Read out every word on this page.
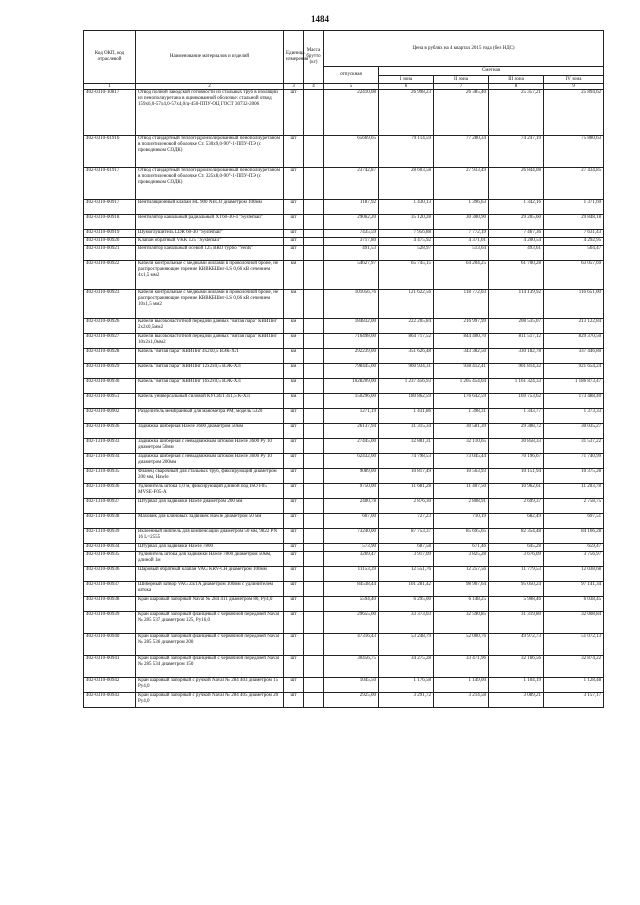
1484
Код ОКП, код отраслевой	Наименование материалов и изделий	Единица измерения	Масса брутто (кг)	Цена в рублях на 4 квартал 2015 года (без НДС)				
				отпускная	Сметная			
					I зона	II зона	III зона	IV зона
1	2	3	4	5	6	7	8	9
402-0310-10817	Отвод полной заводской готовности из стальных труб в изоляции из пенополиуретана в оцинкованной оболочке: стальной отвод 159х6,0-57х4,0-57х4,0/ц-450-ППУ-ОЦ ГОСТ 30732-2006	шт		22410,08	26 998,23	26 385,40	25 357,21	25 894,62
402-0310-01916	Отвод стандартный теплогидроизолированный пенополиуретаном в полиэтиленовой оболочке Ст. 530х9,0-90°-1-ППУ-ПЭ (с проводником СОДК)	шт		65669,65	79 114,59	77 280,34	74 247,19	75 880,63
402-0310-01917	Отвод стандартный теплогидроизолированный пенополиуретаном в полиэтиленовой оболочке Ст. 325х8,0-90°-1-ППУ-ПЭ (с проводником СОДК)	шт		23742,87	28 603,58	27 933,49	26 844,08	27 434,85
402-0310-00917	Вентиляционный клапан HL 900 NECO диаметром 100мм	шт		1187,92	1 430,13	1 396,63	1 342,16	1 371,69
402-0310-00918	Вентилятор канальный радиальный ХТ60-30-4 "Systemair"	шт		29062,20	35 120,28	30 300,90	29 205,60	29 848,18
402-0310-00919	Шумоглушитель LDR 60-30 "Systemair"	шт		7435,59	7 956,88	7 772,19	7 467,36	7 631,43
402-0310-00920	Клапан обратный VKK 125 "Systemair"	шт		3717,80	4 475,92	4 371,01	4 200,54	4 292,95
402-0310-00921	Вентилятор канальный осевой 125 ВКО турбо "Vents"	шт		491,53	528,97	513,64	493,61	504,47
402-0310-00922	Кабели контрольные с медными жилами в проволочной броне, не распространяющие горение КВВКБШнг-LS 0,66 кВ сечением 4х1,5 мм2	км		54627,97	65 745,15	64 204,25	61 700,28	63 057,69
402-0310-00923	Кабели контрольные с медными жилами в проволочной броне, не распространяющие горение КВВКБШнг-LS 0,66 кВ сечением 10х1,5 мм2	км		101056,76	121 622,56	118 772,03	114 139,92	116 651,00
402-0310-00926	Кабели высокочастотной передачи данных "витая пара" КВИПнг 2х2х0,5мм2	км		184832,00	222 205,84	216 997,99	208 535,07	213 122,84
402-0310-00927	Кабели высокочастотной передачи данных "витая пара" КВИПнг 10х2х1,0мм2	км		716498,00	864 717,52	844 400,70	811 517,12	829 370,50
402-0310-00928	Кабель "витая пара" КВИПнг 4х2х0,5 ВЭК-ХЛ	км		292239,00	351 626,48	343 382,50	330 182,78	337 446,80
402-0310-00929	Кабель "витая пара" КВИПнг 12х2х0,5 ВЭК-ХЛ	км		798445,00	960 934,31	938 412,41	901 814,32	921 654,24
402-0310-00930	Кабель "витая пара" КВИПнг 16х2х0,5 ВЭК-ХЛ	км		1028209,00	1 237 456,93	1 205 454,04	1 161 324,33	1 186 873,47
402-0310-00951	Кабель универсальный силовой КУСИЛ 3х1,5 К-ХЛ	км		150296,00	180 862,59	176 642,59	169 753,62	173 488,40
402-0310-00902	Разделитель мембранный для манометра РМ, модель 5320	шт		1271,19	1 431,86	1 398,31	1 343,77	1 373,33
402-0310-00936	Задвижка шиберная Hawle 3600 диаметром 50мм	шт		26137,94	31 315,34	30 581,39	29 388,72	30 035,27
402-1310-00933	Задвижка шиберная с невыдвижным штоком Hawle 3600 Ру 10 диаметром 50мм	шт		27445,00	32 881,31	32 110,65	30 858,33	31 537,22
402-1310-00934	Задвижка шиберная с невыдвижным штоком Hawle 3600 Ру 10 диаметром 200мм	шт		62432,00	74 798,53	73 045,44	70 196,67	71 740,99
402-1310-00935	Фланец сварочный для стальных труб, фиксирующий диаметром 200 мм, Hawle	шт		9089,00	10 817,49	10 563,93	10 151,94	10 375,28
402-1310-00936	Удлинитель штока 1,0 м, фиксирующий длиной под ISO F05 МVSE-F05-А	шт		9750,00	11 681,28	11 407,50	10 962,61	11 203,78
402-1310-00937	Штурвал для задвижки Hawle диаметром 200 мм	шт		2400,78	2 876,30	2 808,91	2 699,37	2 758,75
402-1310-00938	Маховик для клиновых задвижек Hawle диаметром 50 мм	шт		607,00	727,23	710,19	682,49	697,51
402-1310-00939	Вклеенный ниппель для компенсации диаметром 50 мм, 9822 PN 16 L=2555	шт		73240,00	87 753,37	85 695,65	82 354,48	84 166,28
402-0310-00934	Штурвал для задвижки Hawle 7800	шт		573,90	687,58	671,46	645,28	659,47
402-0310-00935	Удлинитель штока для задвижки Hawle 7800 диаметром 50мм, длиной 1м	шт		3269,47	3 917,09	3 825,28	3 676,09	3 756,97
402-0310-00936	Шаровый обратный клапан VAG KRV-CH диаметром 100мм	шт		11153,39	12 551,76	12 257,56	11 779,53	12 038,68
402-0310-00937	Шиберный затвор VAG ZETA диаметром 100мм с удлинителем штока	шт		84538,44	101 281,42	98 907,64	95 050,24	97 141,34
402-0310-00938	Кран шаровый запорный Naval № 284 411 диаметром 80, Ру4,0	шт		5594,40	6 295,00	6 148,25	5 908,46	6 038,45
402-0310-00939	Кран шаровый запорный фланцевый с червячной передачей Naval № 285 537 диаметром 125, Ру16,0	шт		29655,00	33 373,03	32 590,85	31 319,80	32 008,84
402-0310-00940	Кран шаровый запорный фланцевый с червячной передачей Naval № 285 536 диаметром 200	шт		47316,43	53 248,79	52 000,76	49 972,73	51 072,13
402-0310-00941	Кран шаровый запорный фланцевый с червячной передачей Naval № 285 534 диаметром 150	шт		30456,75	34 275,28	33 471,96	32 166,56	32 874,22
402-0310-00942	Кран шаровый запорный с ручкой Naval № 284 403 диаметром 15 Ру4,0	шт		1045,50	1 176,58	1 149,00	1 104,19	1 128,48
402-0310-00943	Кран шаровый запорный с ручкой Naval № 284 405 диаметром 20 Ру4,0	шт		2925,00	3 291,72	3 214,58	3 089,21	3 157,17
